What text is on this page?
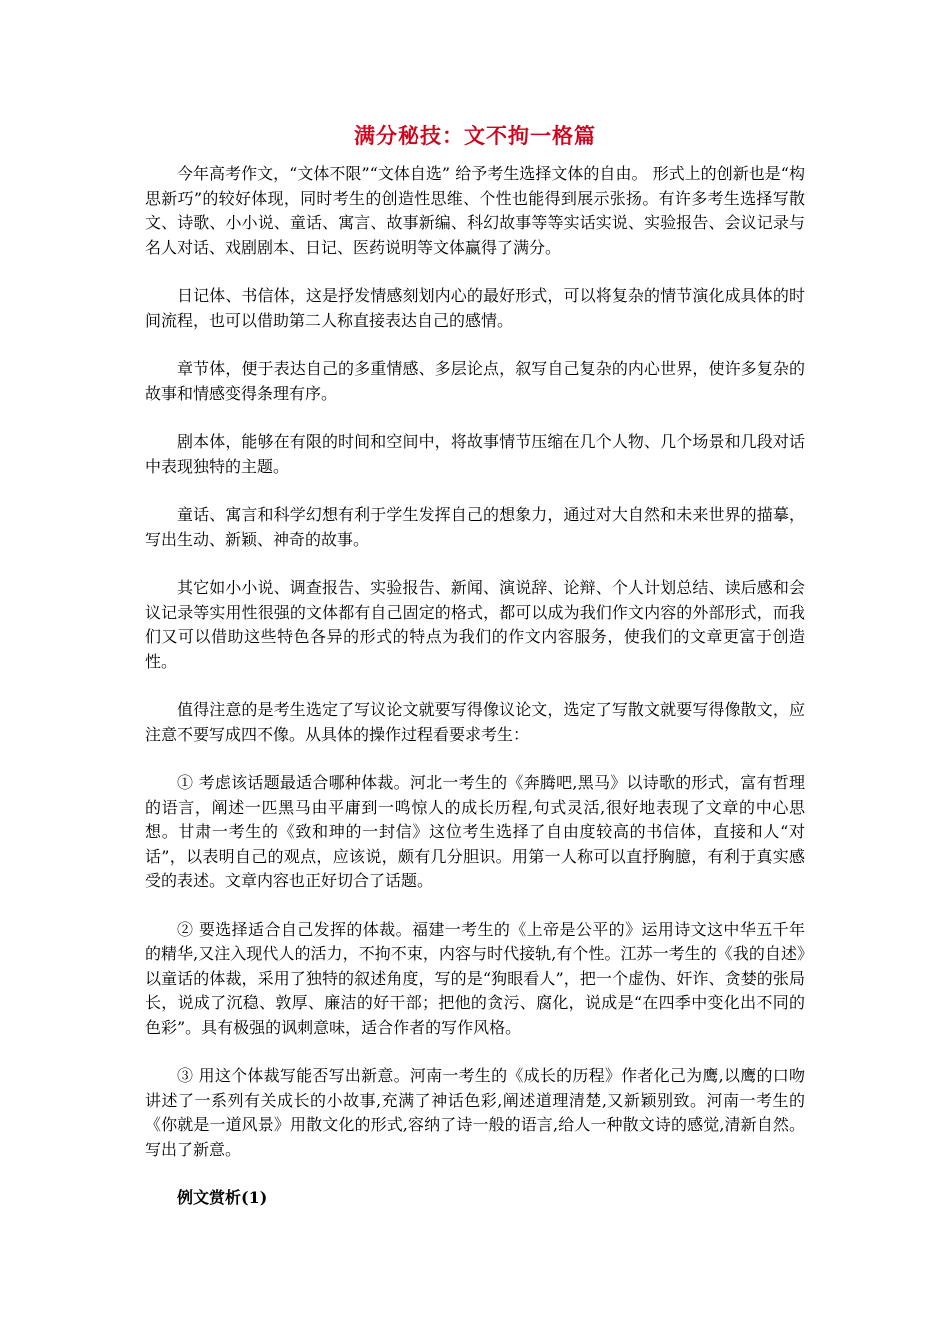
满分秘技：文不拘一格篇

今年高考作文，“文体不限”“文体自选” 给予考生选择文体的自由。 形式上的创新也是“构思新巧”的较好体现，同时考生的创造性思维、个性也能得到展示张扬。有许多考生选择写散文、诗歌、小小说、童话、寓言、故事新编、科幻故事等等实话实说、实验报告、会议记录与名人对话、戏剧剧本、日记、医药说明等文体赢得了满分。

日记体、书信体，这是抒发情感刻划内心的最好形式，可以将复杂的情节演化成具体的时间流程，也可以借助第二人称直接表达自己的感情。

章节体，便于表达自己的多重情感、多层论点，叙写自己复杂的内心世界，使许多复杂的故事和情感变得条理有序。

剧本体，能够在有限的时间和空间中，将故事情节压缩在几个人物、几个场景和几段对话中表现独特的主题。

童话、寓言和科学幻想有利于学生发挥自己的想象力，通过对大自然和未来世界的描摹，写出生动、新颖、神奇的故事。

其它如小小说、调查报告、实验报告、新闻、演说辞、论辩、个人计划总结、读后感和会议记录等实用性很强的文体都有自己固定的格式，都可以成为我们作文内容的外部形式，而我们又可以借助这些特色各异的形式的特点为我们的作文内容服务，使我们的文章更富于创造性。

值得注意的是考生选定了写议论文就要写得像议论文，选定了写散文就要写得像散文，应注意不要写成四不像。从具体的操作过程看要求考生：

① 考虑该话题最适合哪种体裁。河北一考生的《奔腾吧,黑马》以诗歌的形式，富有哲理的语言，阐述一匹黑马由平庸到一鸣惊人的成长历程,句式灵活,很好地表现了文章的中心思想。甘肃一考生的《致和珅的一封信》这位考生选择了自由度较高的书信体，直接和人“对话”，以表明自己的观点，应该说，颇有几分胆识。用第一人称可以直抒胸臆，有利于真实感受的表述。文章内容也正好切合了话题。

② 要选择适合自己发挥的体裁。福建一考生的《上帝是公平的》运用诗文这中华五千年的精华,又注入现代人的活力，不拘不束，内容与时代接轨,有个性。江苏一考生的《我的自述》以童话的体裁，采用了独特的叙述角度，写的是“狗眼看人”，把一个虚伪、奸诈、贪婪的张局长，说成了沉稳、敦厚、廉洁的好干部；把他的贪污、腐化，说成是“在四季中变化出不同的色彩”。具有极强的讽刺意味，适合作者的写作风格。

③ 用这个体裁写能否写出新意。河南一考生的《成长的历程》作者化己为鹰,以鹰的口吻讲述了一系列有关成长的小故事,充满了神话色彩,阐述道理清楚,又新颖别致。河南一考生的《你就是一道风景》用散文化的形式,容纳了诗一般的语言,给人一种散文诗的感觉,清新自然。写出了新意。

例文赏析(1)
